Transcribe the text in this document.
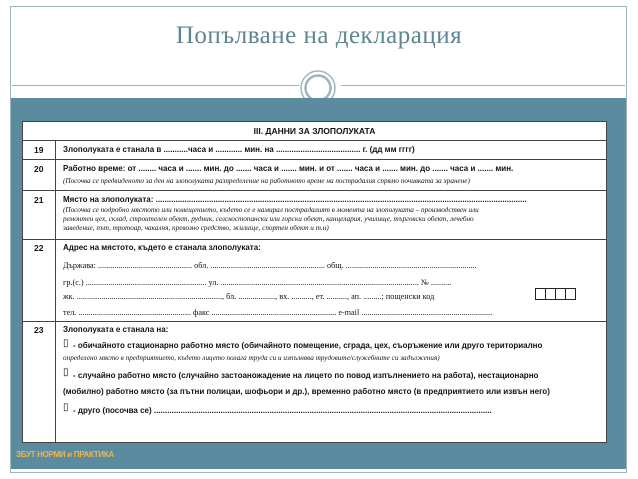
Попълване на декларация
ЗБУТ НОРМИ и ПРАКТИКА
III. ДАННИ ЗА ЗЛОПОЛУКАТА
19 Злополуката е станала в ...........часа и ............ мин. на ...................................... г. (дд мм гггг)
20 Работно време: от ........ часа и ....... мин. до ....... часа и ....... мин. и от ....... часа и ....... мин. до ....... часа и ....... мин.
(Посочва се предвиденото за ден на злополуката разпределение на работното време на пострадалия спрямо почивката за хранене)
21 Място на злополуката: .......................................................................................................................................................................
(Посочва се подробно мястото или помещението, където се е намирал пострадалият в момента на злополуката – производствен или
ремонтен цех, склад, строителен обект, рудник, селскостопански или горски обект, канцелария, училище, търговски обект, лечебно
заведение, път, тротоар, чакалня, превозно средство, жилище, спортен обект и т.н)
22 Адрес на мястото, където е станала злополуката:
Държава: .............................................. обл. ........................................................ общ. ................................................................
гр.(с.) ........................................................... ул. ................................................................................................. № ..........
жк. ......................................................................., бл. .................., вх. .........., ет. .........., ап. .........; пощенски код
тел. ....................................................... факс ............................................................. e-mail ................................................................
23 Злополуката е станала на:
▯ - обичайното стационарно работно място (обичайното помещение, сграда, цех, съоръжение или друго териториално
определено място в предприятието, където лицето полага труда си и изпълнява трудовите/служебните си задължения)
▯ - случайно работно място (случайно застоаножадение на лицето по повод изпълнението на работа), нестационарно
(мобилно) работно място (за пътни полицаи, шофьори и др.), временно работно място (в предприятието или извън него)
▯ - друго (посочва се) ........................................................................................................................................................
